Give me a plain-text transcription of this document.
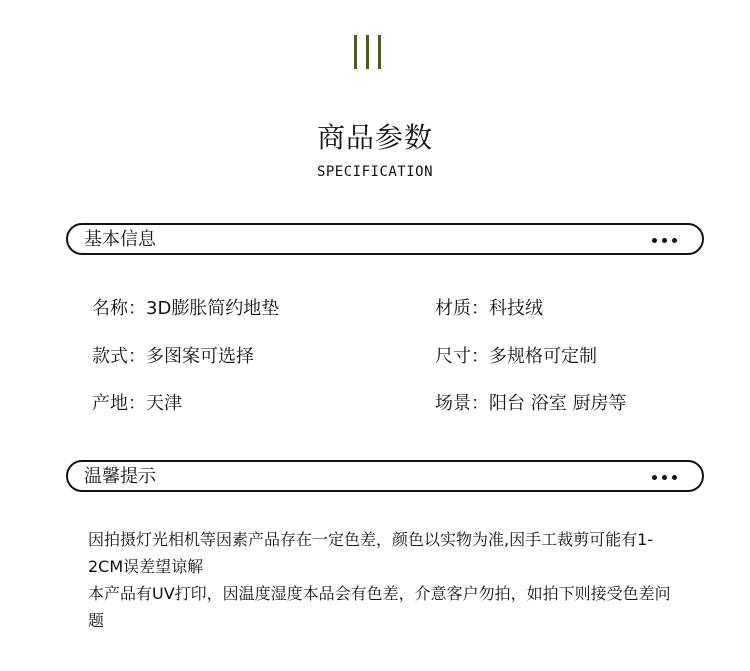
商品参数
SPECIFICATION
基本信息
名称：3D膨胀简约地垫	材质：科技绒
款式：多图案可选择	尺寸：多规格可定制
产地：天津	场景：阳台 浴室 厨房等
温馨提示

因拍摄灯光相机等因素产品存在一定色差，颜色以实物为准,因手工裁剪可能有1-2CM误差望谅解

本产品有UV打印，因温度湿度本品会有色差，介意客户勿拍，如拍下则接受色差问题
